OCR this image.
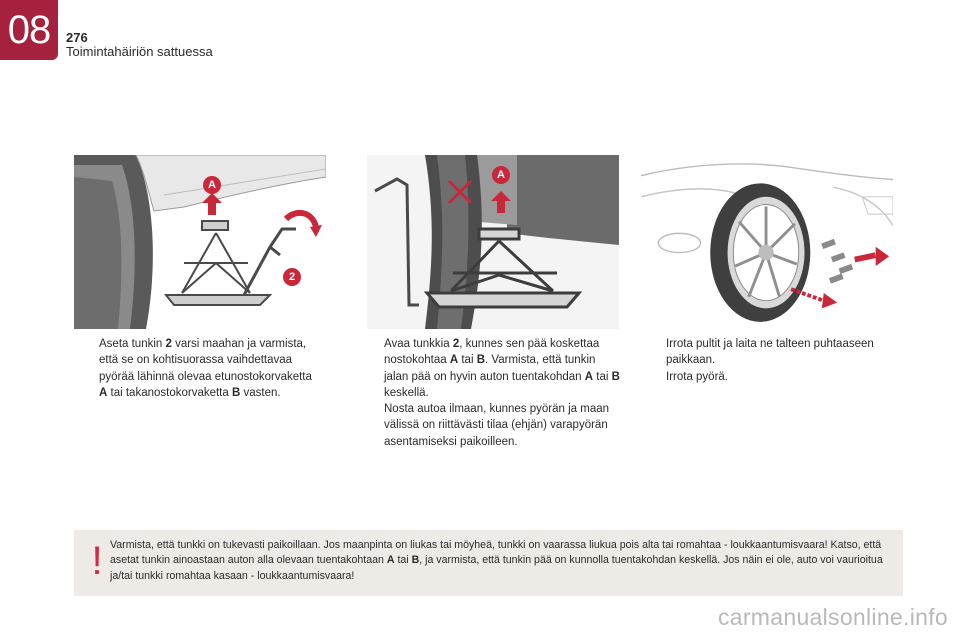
08 276
Toimintahäiriön sattuessa
A
2
A
Aseta tunkin 2 varsi maahan ja varmista, että se on kohtisuorassa vaihdettavaa pyörää lähinnä olevaa etunostokorvaketta A tai takanostokorvaketta B vasten.
Avaa tunkkia 2, kunnes sen pää koskettaa nostokohtaa A tai B. Varmista, että tunkin jalan pää on hyvin auton tuentakohdan A tai B keskellä.
Nosta autoa ilmaan, kunnes pyörän ja maan välissä on riittävästi tilaa (ehjän) varapyörän asentamiseksi paikoilleen.
Irrota pultit ja laita ne talteen puhtaaseen paikkaan.
Irrota pyörä.
! Varmista, että tunkki on tukevasti paikoillaan. Jos maanpinta on liukas tai möyheä, tunkki on vaarassa liukua pois alta tai romahtaa - loukkaantumisvaara! Katso, että asetat tunkin ainoastaan auton alla olevaan tuentakohtaan A tai B, ja varmista, että tunkin pää on kunnolla tuentakohdan keskellä. Jos näin ei ole, auto voi vaurioitua ja/tai tunkki romahtaa kasaan - loukkaantumisvaara!
carmanualsonline.info
